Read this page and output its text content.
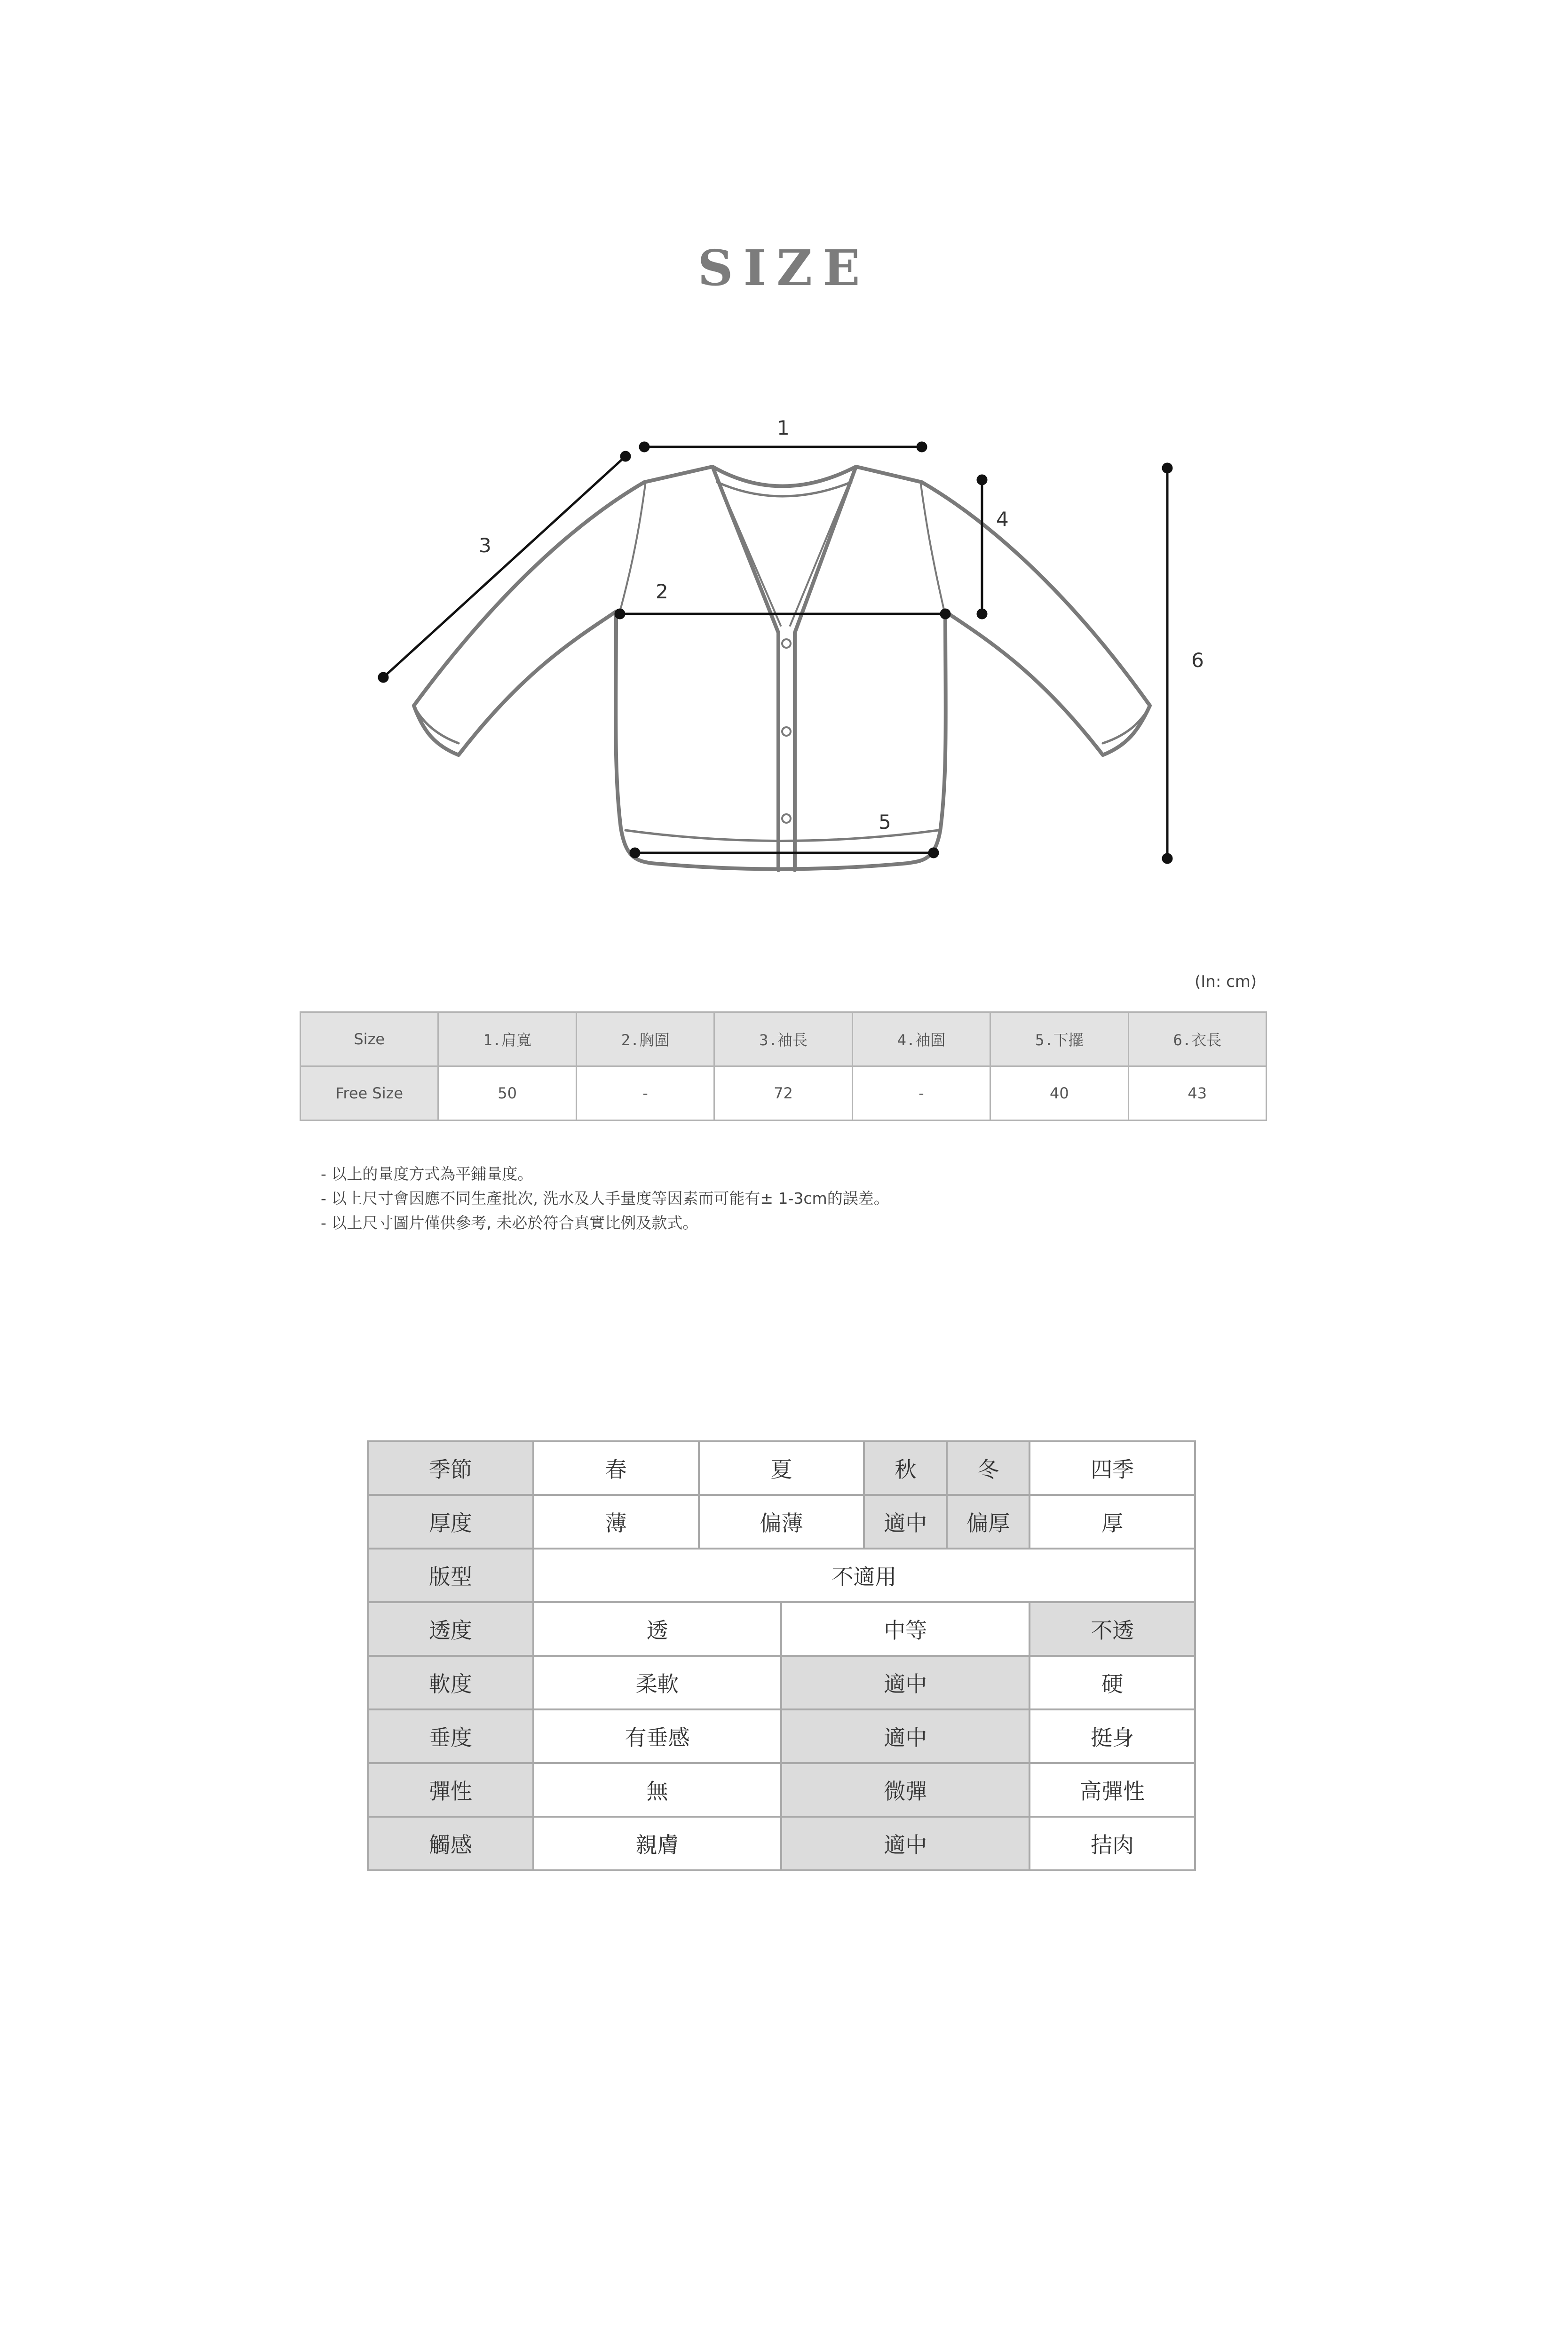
SIZE
1
2
3
4
5
6
(In: cm)
Size	1.肩寬	2.胸圍	3.袖長	4.袖圍	5.下擺	6.衣長
Free Size	50	-	72	-	40	43
- 以上的量度方式為平鋪量度。
- 以上尺寸會因應不同生產批次, 洗水及人手量度等因素而可能有± 1-3cm的誤差。
- 以上尺寸圖片僅供參考, 未必於符合真實比例及款式。
季節	春	夏		秋	冬	四季
厚度	薄	偏薄		適中	偏厚	厚
版型	不適用					
透度	透		中等			不透
軟度	柔軟		適中			硬
垂度	有垂感		適中			挺身
彈性	無		微彈			高彈性
觸感	親膚		適中			拮肉
